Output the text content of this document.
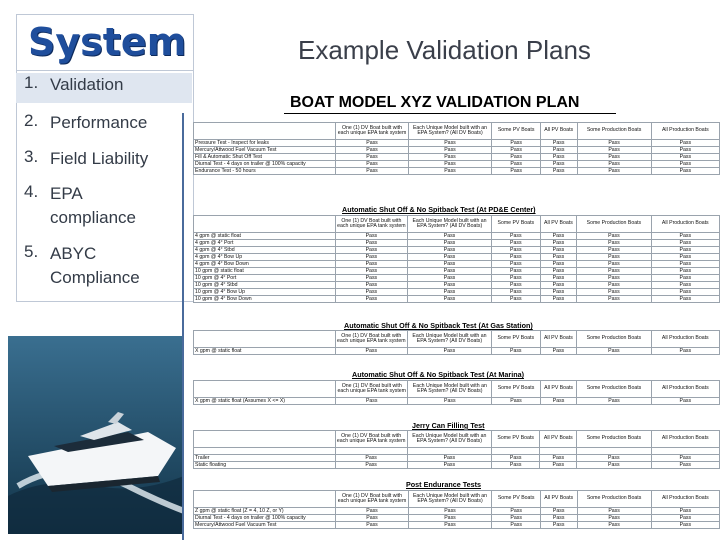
System
1. Validation
2. Performance
3. Field Liability
4. EPA compliance
5. ABYC Compliance
Example Validation Plans
BOAT MODEL XYZ VALIDATION PLAN
	One (1) DV Boat built with each unique EPA tank system	Each Unique Model built with an EPA System? (All DV Boats)	Some PV Boats	All PV Boats	Some Production Boats	All Production Boats
Pressure Test - Inspect for leaks	Pass	Pass	Pass	Pass	Pass	Pass
Mercury/Attwood Fuel Vacuum Test	Pass	Pass	Pass	Pass	Pass	Pass
Fill & Automatic Shut Off Test	Pass	Pass	Pass	Pass	Pass	Pass
Diurnal Test - 4 days on trailer @ 100% capacity	Pass	Pass	Pass	Pass	Pass	Pass
Endurance Test - 50 hours	Pass	Pass	Pass	Pass	Pass	Pass
Automatic Shut Off & No Spitback Test (At PD&E Center)
	One (1) DV Boat built with each unique EPA tank system	Each Unique Model built with an EPA System? (All DV Boats)	Some PV Boats	All PV Boats	Some Production Boats	All Production Boats
4 gpm @ static float	Pass	Pass	Pass	Pass	Pass	Pass
4 gpm @ 4° Port	Pass	Pass	Pass	Pass	Pass	Pass
4 gpm @ 4° Stbd	Pass	Pass	Pass	Pass	Pass	Pass
4 gpm @ 4° Bow Up	Pass	Pass	Pass	Pass	Pass	Pass
4 gpm @ 4° Bow Down	Pass	Pass	Pass	Pass	Pass	Pass
10 gpm @ static float	Pass	Pass	Pass	Pass	Pass	Pass
10 gpm @ 4° Port	Pass	Pass	Pass	Pass	Pass	Pass
10 gpm @ 4° Stbd	Pass	Pass	Pass	Pass	Pass	Pass
10 gpm @ 4° Bow Up	Pass	Pass	Pass	Pass	Pass	Pass
10 gpm @ 4° Bow Down	Pass	Pass	Pass	Pass	Pass	Pass
Automatic Shut Off & No Spitback Test (At Gas Station)
	One (1) DV Boat built with each unique EPA tank system	Each Unique Model built with an EPA System? (All DV Boats)	Some PV Boats	All PV Boats	Some Production Boats	All Production Boats
X gpm @ static float	Pass	Pass	Pass	Pass	Pass	Pass
Automatic Shut Off & No Spitback Test (At Marina)
	One (1) DV Boat built with each unique EPA tank system	Each Unique Model built with an EPA System? (All DV Boats)	Some PV Boats	All PV Boats	Some Production Boats	All Production Boats
X gpm @ static float (Assumes X <= X)	Pass	Pass	Pass	Pass	Pass	Pass
Jerry Can Filling Test
	One (1) DV Boat built with each unique EPA tank system	Each Unique Model built with an EPA System? (All DV Boats)	Some PV Boats	All PV Boats	Some Production Boats	All Production Boats

Trailer	Pass	Pass	Pass	Pass	Pass	Pass
Static floating	Pass	Pass	Pass	Pass	Pass	Pass
Post Endurance Tests
	One (1) DV Boat built with each unique EPA tank system	Each Unique Model built with an EPA System? (All DV Boats)	Some PV Boats	All PV Boats	Some Production Boats	All Production Boats
Z gpm @ static float (Z = 4, 10 Z, or Y)	Pass	Pass	Pass	Pass	Pass	Pass
Diurnal Test - 4 days on trailer @ 100% capacity	Pass	Pass	Pass	Pass	Pass	Pass
Mercury/Attwood Fuel Vacuum Test	Pass	Pass	Pass	Pass	Pass	Pass
